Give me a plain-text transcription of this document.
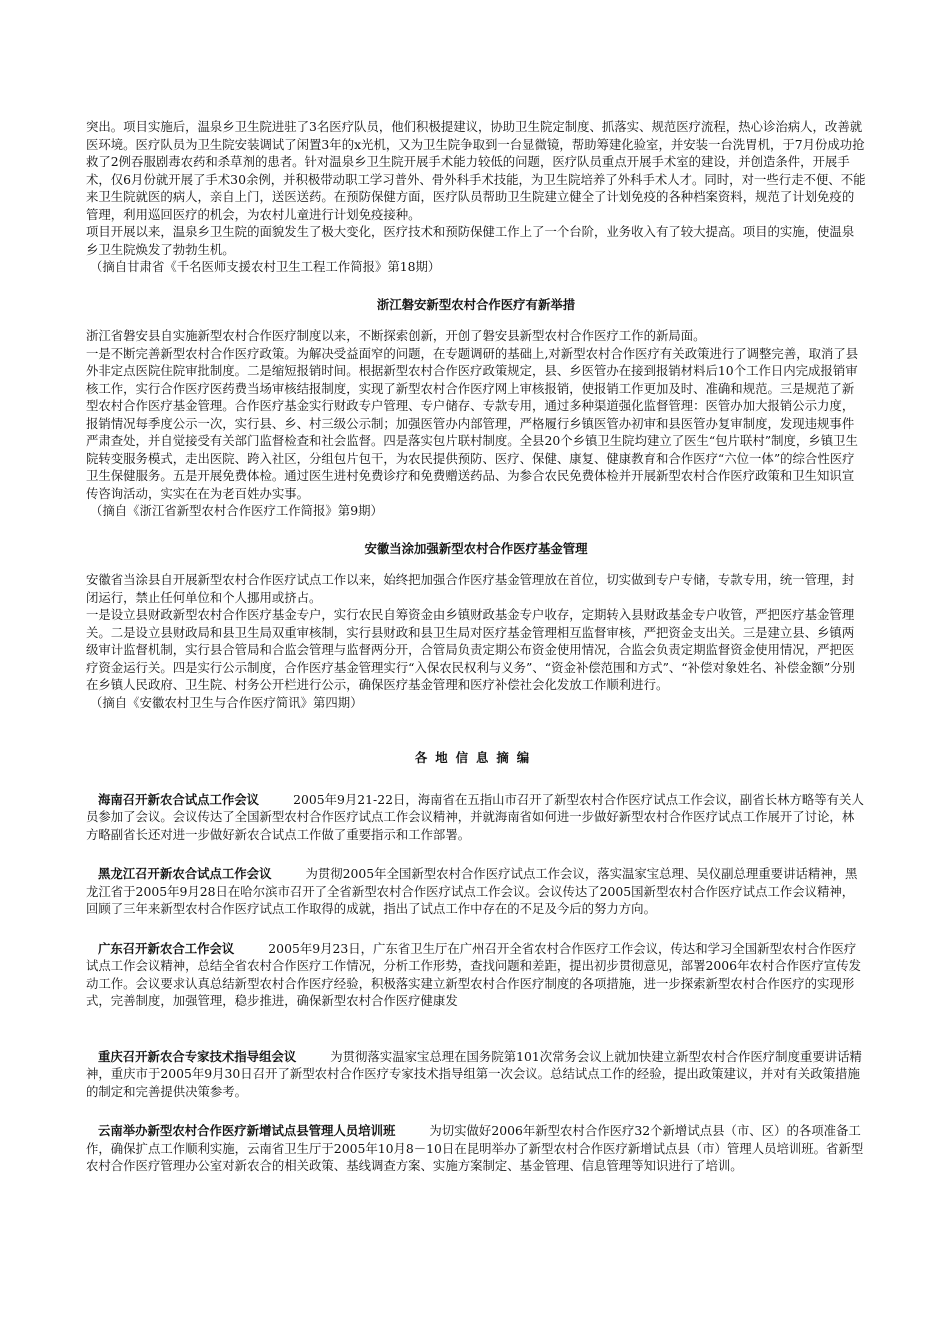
突出。项目实施后，温泉乡卫生院进驻了3名医疗队员，他们积极提建议，协助卫生院定制度、抓落实、规范医疗流程，热心诊治病人，改善就医环境。医疗队员为卫生院安装调试了闲置3年的x光机，又为卫生院争取到一台显微镜，帮助筹建化验室，并安装一台洗胃机，于7月份成功抢救了2例吞服剧毒农药和杀草剂的患者。针对温泉乡卫生院开展手术能力较低的问题，医疗队员重点开展手术室的建设，并创造条件，开展手术，仅6月份就开展了手术30余例，并积极带动职工学习普外、骨外科手术技能，为卫生院培养了外科手术人才。同时，对一些行走不便、不能来卫生院就医的病人，亲自上门，送医送药。在预防保健方面，医疗队员帮助卫生院建立健全了计划免疫的各种档案资料，规范了计划免疫的管理，利用巡回医疗的机会，为农村儿童进行计划免疫接种。

项目开展以来，温泉乡卫生院的面貌发生了极大变化，医疗技术和预防保健工作上了一个台阶，业务收入有了较大提高。项目的实施，使温泉乡卫生院焕发了勃勃生机。

（摘自甘肃省《千名医师支援农村卫生工程工作简报》第18期）

浙江磐安新型农村合作医疗有新举措

浙江省磐安县自实施新型农村合作医疗制度以来，不断探索创新，开创了磐安县新型农村合作医疗工作的新局面。

一是不断完善新型农村合作医疗政策。为解决受益面窄的问题，在专题调研的基础上,对新型农村合作医疗有关政策进行了调整完善，取消了县外非定点医院住院审批制度。二是缩短报销时间。根据新型农村合作医疗政策规定，县、乡医管办在接到报销材料后10个工作日内完成报销审核工作，实行合作医疗医药费当场审核结报制度，实现了新型农村合作医疗网上审核报销，使报销工作更加及时、准确和规范。三是规范了新型农村合作医疗基金管理。合作医疗基金实行财政专户管理、专户储存、专款专用，通过多种渠道强化监督管理：医管办加大报销公示力度，报销情况每季度公示一次，实行县、乡、村三级公示制；加强医管办内部管理，严格履行乡镇医管办初审和县医管办复审制度，发现违规事件严肃查处，并自觉接受有关部门监督检查和社会监督。四是落实包片联村制度。全县20个乡镇卫生院均建立了医生“包片联村”制度，乡镇卫生院转变服务模式，走出医院、跨入社区，分组包片包干，为农民提供预防、医疗、保健、康复、健康教育和合作医疗“六位一体”的综合性医疗卫生保健服务。五是开展免费体检。通过医生进村免费诊疗和免费赠送药品、为参合农民免费体检并开展新型农村合作医疗政策和卫生知识宣传咨询活动，实实在在为老百姓办实事。

（摘自《浙江省新型农村合作医疗工作简报》第9期）

安徽当涂加强新型农村合作医疗基金管理

安徽省当涂县自开展新型农村合作医疗试点工作以来，始终把加强合作医疗基金管理放在首位，切实做到专户专储，专款专用，统一管理，封闭运行，禁止任何单位和个人挪用或挤占。

一是设立县财政新型农村合作医疗基金专户，实行农民自筹资金由乡镇财政基金专户收存，定期转入县财政基金专户收管，严把医疗基金管理关。二是设立县财政局和县卫生局双重审核制，实行县财政和县卫生局对医疗基金管理相互监督审核，严把资金支出关。三是建立县、乡镇两级审计监督机制，实行县合管局和合监会管理与监督两分开，合管局负责定期公布资金使用情况，合监会负责定期监督资金使用情况，严把医疗资金运行关。四是实行公示制度，合作医疗基金管理实行“入保农民权利与义务”、“资金补偿范围和方式”、“补偿对象姓名、补偿金额”分别在乡镇人民政府、卫生院、村务公开栏进行公示，确保医疗基金管理和医疗补偿社会化发放工作顺利进行。

（摘自《安徽农村卫生与合作医疗简讯》第四期）

各地信息摘编

海南召开新农合试点工作会议	2005年9月21-22日，海南省在五指山市召开了新型农村合作医疗试点工作会议，副省长林方略等有关人员参加了会议。会议传达了全国新型农村合作医疗试点工作会议精神，并就海南省如何进一步做好新型农村合作医疗试点工作展开了讨论，林方略副省长还对进一步做好新农合试点工作做了重要指示和工作部署。

黑龙江召开新农合试点工作会议	为贯彻2005年全国新型农村合作医疗试点工作会议，落实温家宝总理、吴仪副总理重要讲话精神，黑龙江省于2005年9月28日在哈尔滨市召开了全省新型农村合作医疗试点工作会议。会议传达了2005国新型农村合作医疗试点工作会议精神，回顾了三年来新型农村合作医疗试点工作取得的成就，指出了试点工作中存在的不足及今后的努力方向。

广东召开新农合工作会议	2005年9月23日，广东省卫生厅在广州召开全省农村合作医疗工作会议，传达和学习全国新型农村合作医疗试点工作会议精神，总结全省农村合作医疗工作情况，分析工作形势，查找问题和差距，提出初步贯彻意见，部署2006年农村合作医疗宣传发动工作。会议要求认真总结新型农村合作医疗经验，积极落实建立新型农村合作医疗制度的各项措施，进一步探索新型农村合作医疗的实现形式，完善制度，加强管理，稳步推进，确保新型农村合作医疗健康发

重庆召开新农合专家技术指导组会议	为贯彻落实温家宝总理在国务院第101次常务会议上就加快建立新型农村合作医疗制度重要讲话精神，重庆市于2005年9月30日召开了新型农村合作医疗专家技术指导组第一次会议。总结试点工作的经验，提出政策建议，并对有关政策措施的制定和完善提供决策参考。

云南举办新型农村合作医疗新增试点县管理人员培训班	为切实做好2006年新型农村合作医疗32个新增试点县（市、区）的各项准备工作，确保扩点工作顺利实施，云南省卫生厅于2005年10月8－10日在昆明举办了新型农村合作医疗新增试点县（市）管理人员培训班。省新型农村合作医疗管理办公室对新农合的相关政策、基线调查方案、实施方案制定、基金管理、信息管理等知识进行了培训。
